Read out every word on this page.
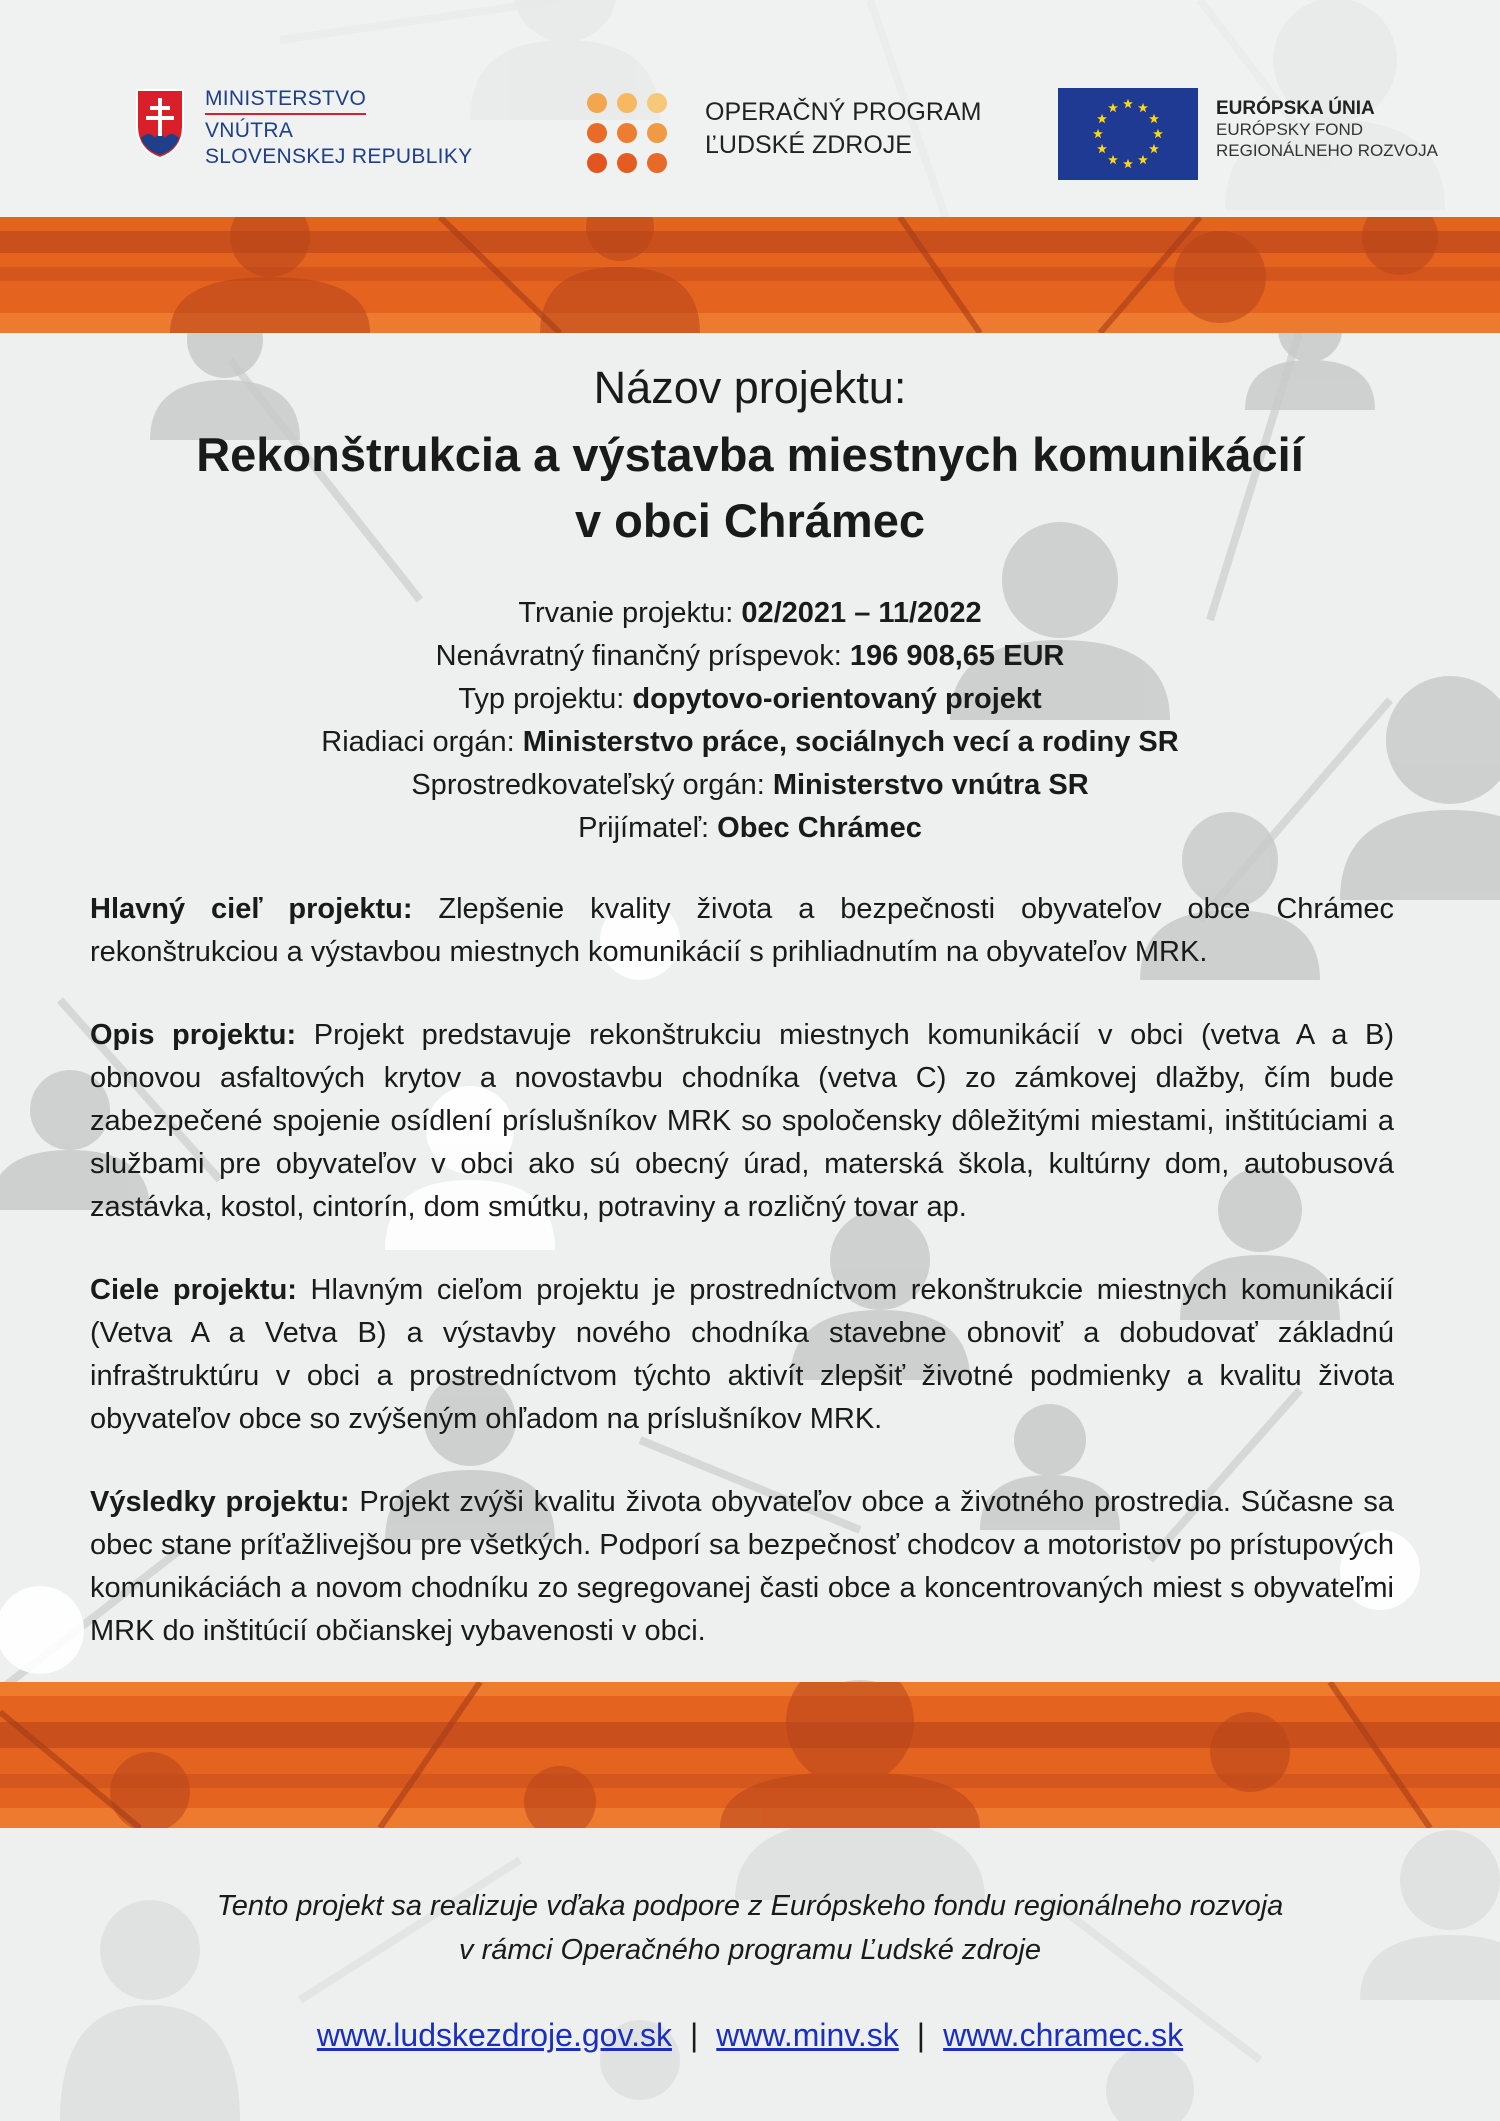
MINISTERSTVO
VNÚTRA
SLOVENSKEJ REPUBLIKY
OPERAČNÝ PROGRAM
ĽUDSKÉ ZDROJE
EURÓPSKA ÚNIA
EURÓPSKY FOND
REGIONÁLNEHO ROZVOJA
Názov projektu:
Rekonštrukcia a výstavba miestnych komunikácií
v obci Chrámec
Trvanie projektu: 02/2021 – 11/2022
Nenávratný finančný príspevok: 196 908,65 EUR
Typ projektu: dopytovo-orientovaný projekt
Riadiaci orgán: Ministerstvo práce, sociálnych vecí a rodiny SR
Sprostredkovateľský orgán: Ministerstvo vnútra SR
Prijímateľ: Obec Chrámec

Hlavný cieľ projektu: Zlepšenie kvality života a bezpečnosti obyvateľov obce Chrámec rekonštrukciou a výstavbou miestnych komunikácií s prihliadnutím na obyvateľov MRK.

Opis projektu: Projekt predstavuje rekonštrukciu miestnych komunikácií v obci (vetva A a B) obnovou asfaltových krytov a novostavbu chodníka (vetva C) zo zámkovej dlažby, čím bude zabezpečené spojenie osídlení príslušníkov MRK so spoločensky dôležitými miestami, inštitúciami a službami pre obyvateľov v obci ako sú obecný úrad, materská škola, kultúrny dom, autobusová zastávka, kostol, cintorín, dom smútku, potraviny a rozličný tovar ap.

Ciele projektu: Hlavným cieľom projektu je prostredníctvom rekonštrukcie miestnych komunikácií (Vetva A a Vetva B) a výstavby nového chodníka stavebne obnoviť a dobudovať základnú infraštruktúru v obci a prostredníctvom týchto aktivít zlepšiť životné podmienky a kvalitu života obyvateľov obce so zvýšeným ohľadom na príslušníkov MRK.

Výsledky projektu: Projekt zvýši kvalitu života obyvateľov obce a životného prostredia. Súčasne sa obec stane príťažlivejšou pre všetkých. Podporí sa bezpečnosť chodcov a motoristov po prístupových komunikáciách a novom chodníku zo segregovanej časti obce a koncentrovaných miest s obyvateľmi MRK do inštitúcií občianskej vybavenosti v obci.

Tento projekt sa realizuje vďaka podpore z Európskeho fondu regionálneho rozvoja
v rámci Operačného programu Ľudské zdroje
www.ludskezdroje.gov.sk | www.minv.sk | www.chramec.sk
